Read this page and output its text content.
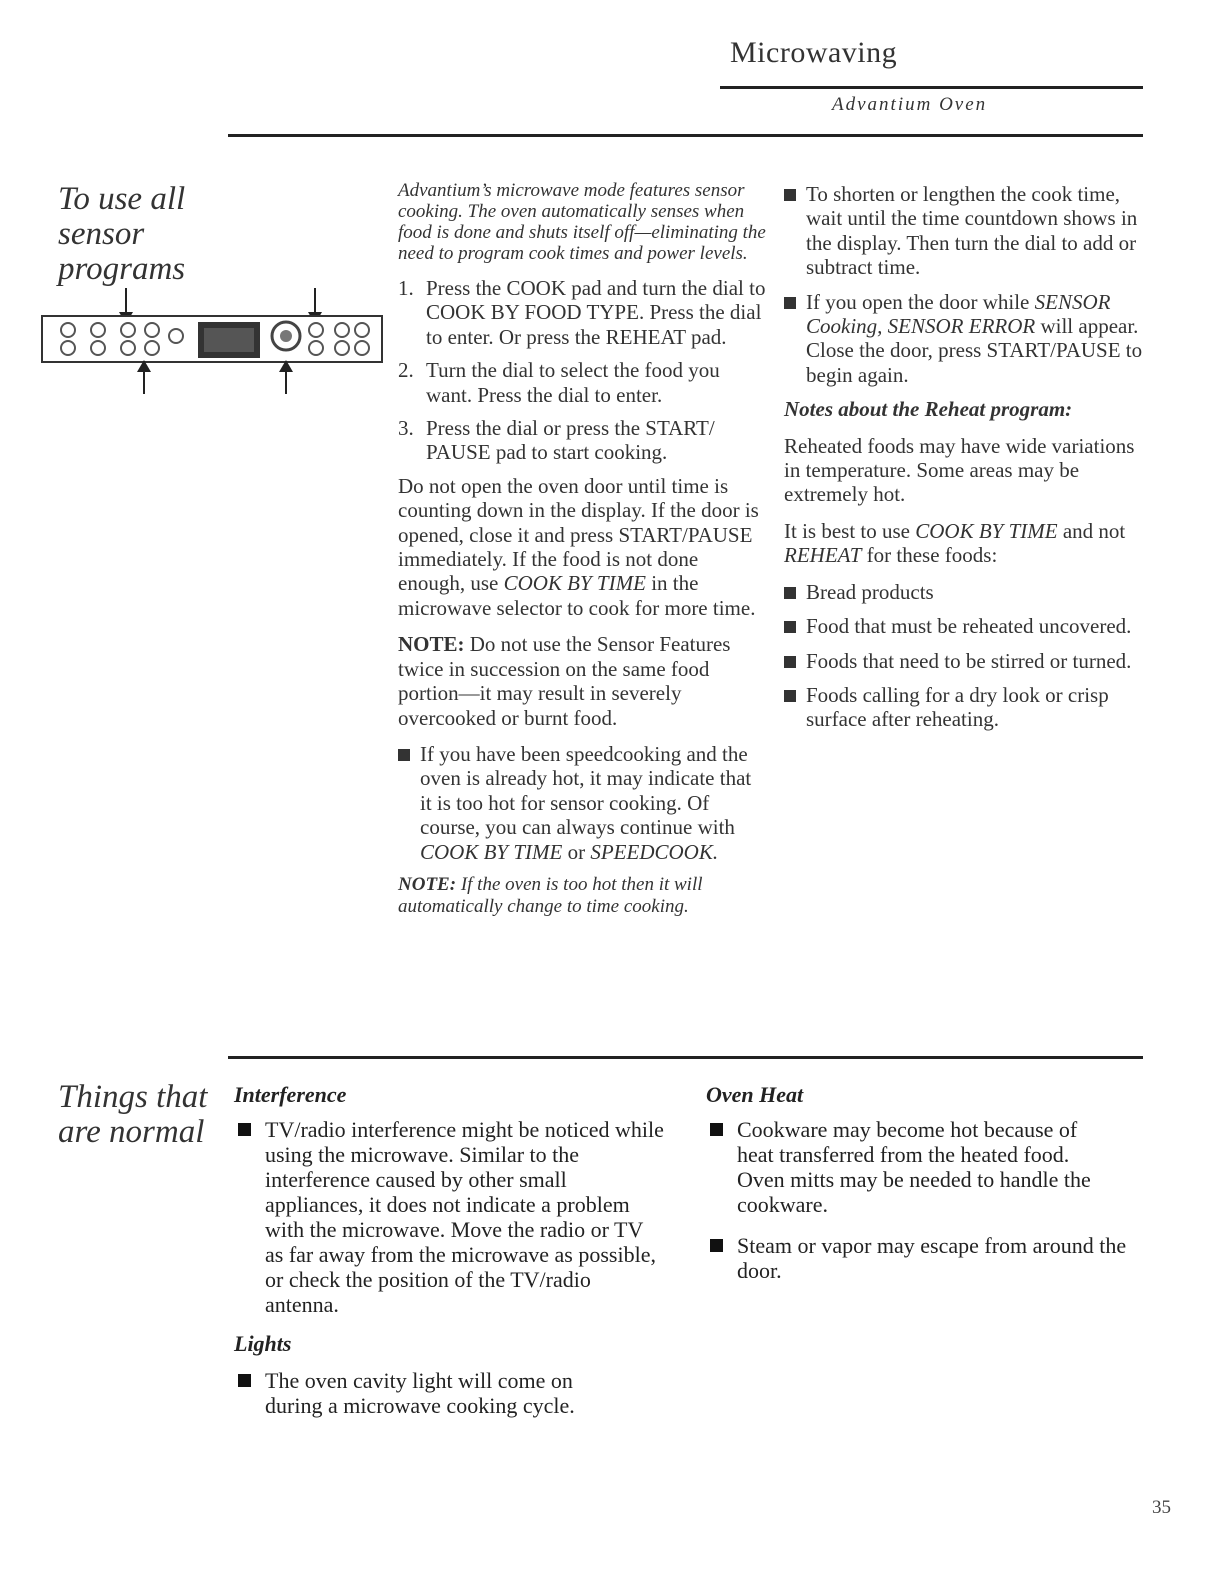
Microwaving
Advantium Oven
To use all
sensor
programs

Advantium’s microwave mode features sensor cooking. The oven automatically senses when food is done and shuts itself off—eliminating the need to program cook times and power levels.

1. Press the COOK pad and turn the dial to COOK BY FOOD TYPE. Press the dial to enter. Or press the REHEAT pad.
2. Turn the dial to select the food you want. Press the dial to enter.
3. Press the dial or press the START/ PAUSE pad to start cooking.

Do not open the oven door until time is counting down in the display. If the door is opened, close it and press START/PAUSE immediately. If the food is not done enough, use COOK BY TIME in the microwave selector to cook for more time.

NOTE: Do not use the Sensor Features twice in succession on the same food portion—it may result in severely overcooked or burnt food.

If you have been speedcooking and the oven is already hot, it may indicate that it is too hot for sensor cooking. Of course, you can always continue with COOK BY TIME or SPEEDCOOK.

NOTE: If the oven is too hot then it will automatically change to time cooking.

To shorten or lengthen the cook time, wait until the time countdown shows in the display. Then turn the dial to add or subtract time.
If you open the door while SENSOR Cooking, SENSOR ERROR will appear. Close the door, press START/PAUSE to begin again.

Notes about the Reheat program:

Reheated foods may have wide variations in temperature. Some areas may be extremely hot.

It is best to use COOK BY TIME and not REHEAT for these foods:

Bread products
Food that must be reheated uncovered.
Foods that need to be stirred or turned.
Foods calling for a dry look or crisp surface after reheating.
Things that
are normal

Interference

TV/radio interference might be noticed while using the microwave. Similar to the interference caused by other small appliances, it does not indicate a problem with the microwave. Move the radio or TV as far away from the microwave as possible, or check the position of the TV/radio antenna.

Lights

The oven cavity light will come on during a microwave cooking cycle.

Oven Heat

Cookware may become hot because of heat transferred from the heated food. Oven mitts may be needed to handle the cookware.
Steam or vapor may escape from around the door.
35
